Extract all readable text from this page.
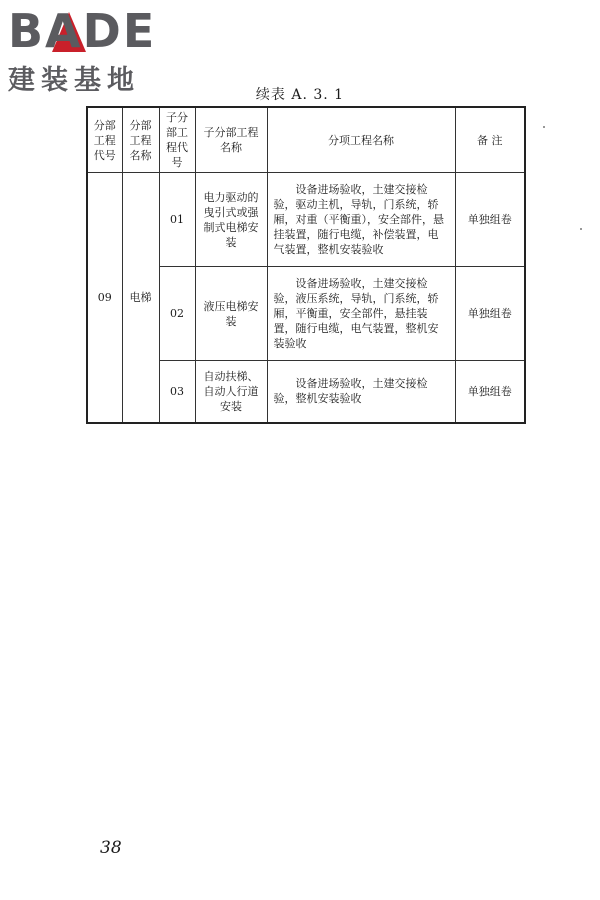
BADE
建装基地	续表 A. 3. 1
分部工程代号	分部工程名称	子分部工程代号	子分部工程名称	分项工程名称	备 注
09	电梯	01	电力驱动的曳引式或强制式电梯安装	设备进场验收，土建交接检验，驱动主机，导轨，门系统，轿厢，对重（平衡重），安全部件，悬挂装置，随行电缆，补偿装置，电气装置，整机安装验收	单独组卷
		02	液压电梯安装	设备进场验收，土建交接检验，液压系统，导轨，门系统，轿厢，平衡重，安全部件，悬挂装置，随行电缆，电气装置，整机安装验收	单独组卷
		03	自动扶梯、自动人行道安装	设备进场验收，土建交接检验，整机安装验收	单独组卷
38
